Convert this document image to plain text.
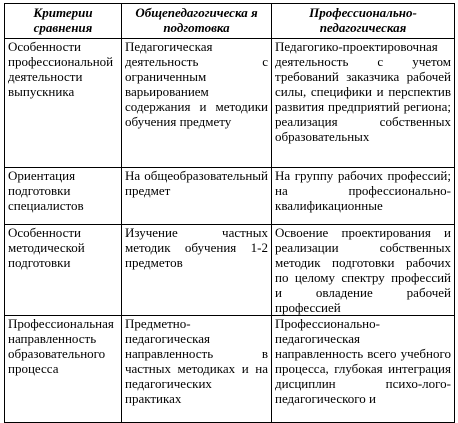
Критерии сравнения	Общепедагогическа я подготовка	Профессионально-педагогическая

Особенности профессиональной деятельности выпускника	Педагогическая деятельность с ограниченным варьированием содержания и методики обучения предмету	Педагогико-проектировочная деятельность с учетом требований заказчика рабочей силы, специфики и перспектив развития предприятий региона; реализация собственных образовательных

Ориентация подготовки специалистов	На общеобразовательный предмет	На группу рабочих профессий; на профессионально-квалификационные

Особенности методической подготовки	Изучение частных методик обучения 1-2 предметов	Освоение проектирования и реализации собственных методик подготовки рабочих по целому спектру профессий и овладение рабочей профессией

Профессиональная направленность образовательного процесса	Предметно-педагогическая направленность в частных методиках и на педагогических практиках	Профессионально-педагогическая направленность всего учебного процесса, глубокая интеграция дисциплин психо-лого-педагогического и
